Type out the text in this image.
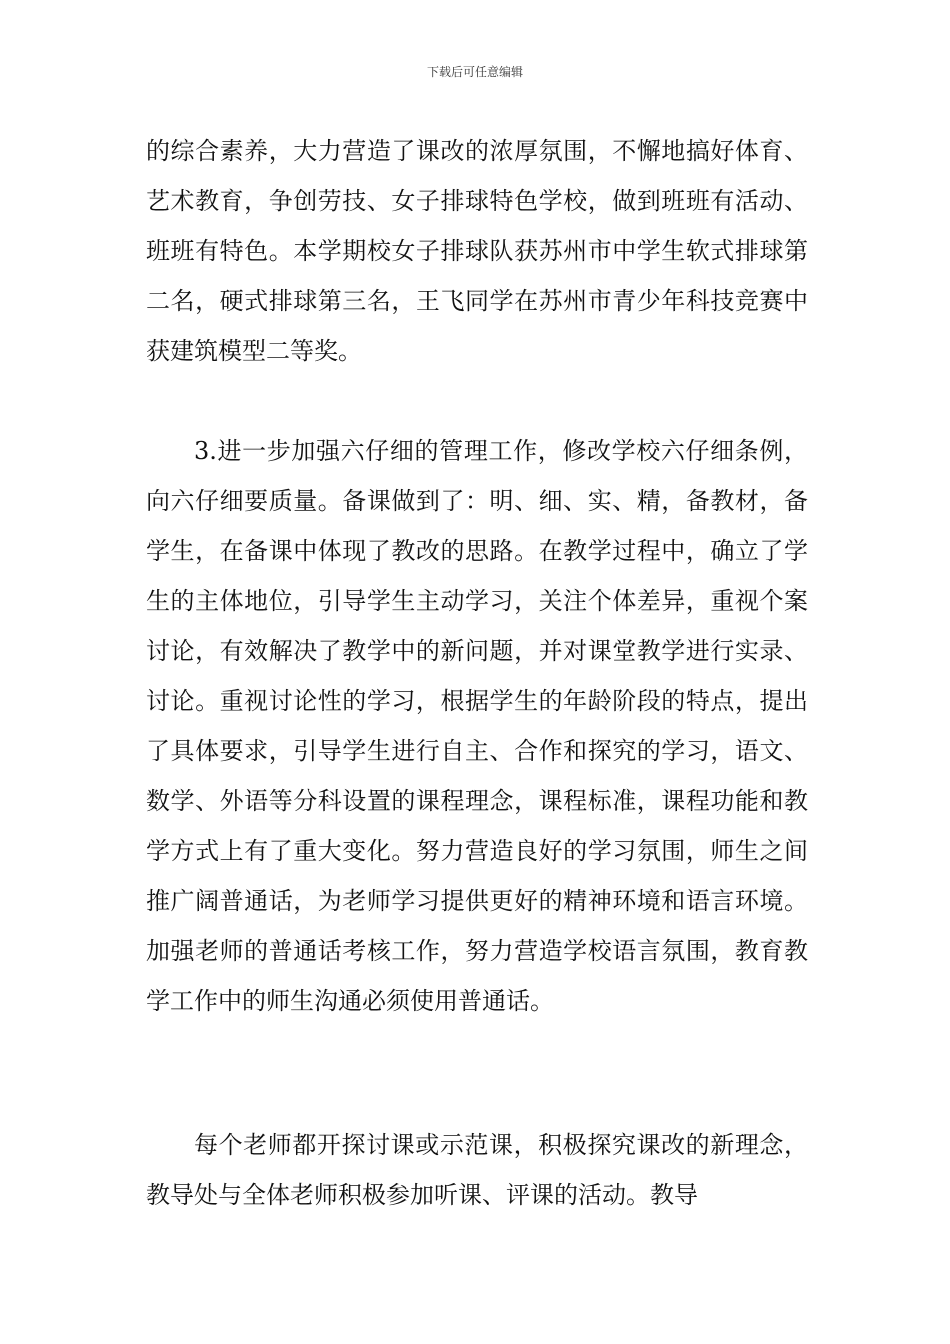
下载后可任意编辑

的综合素养，大力营造了课改的浓厚氛围，不懈地搞好体育、艺术教育，争创劳技、女子排球特色学校，做到班班有活动、班班有特色。本学期校女子排球队获苏州市中学生软式排球第二名，硬式排球第三名，王飞同学在苏州市青少年科技竞赛中获建筑模型二等奖。

3.进一步加强六仔细的管理工作，修改学校六仔细条例，向六仔细要质量。备课做到了：明、细、实、精，备教材，备学生，在备课中体现了教改的思路。在教学过程中，确立了学生的主体地位，引导学生主动学习，关注个体差异，重视个案讨论，有效解决了教学中的新问题，并对课堂教学进行实录、讨论。重视讨论性的学习，根据学生的年龄阶段的特点，提出了具体要求，引导学生进行自主、合作和探究的学习，语文、数学、外语等分科设置的课程理念，课程标准，课程功能和教学方式上有了重大变化。努力营造良好的学习氛围，师生之间推广阔普通话，为老师学习提供更好的精神环境和语言环境。加强老师的普通话考核工作，努力营造学校语言氛围，教育教学工作中的师生沟通必须使用普通话。

每个老师都开探讨课或示范课，积极探究课改的新理念，教导处与全体老师积极参加听课、评课的活动。教导
